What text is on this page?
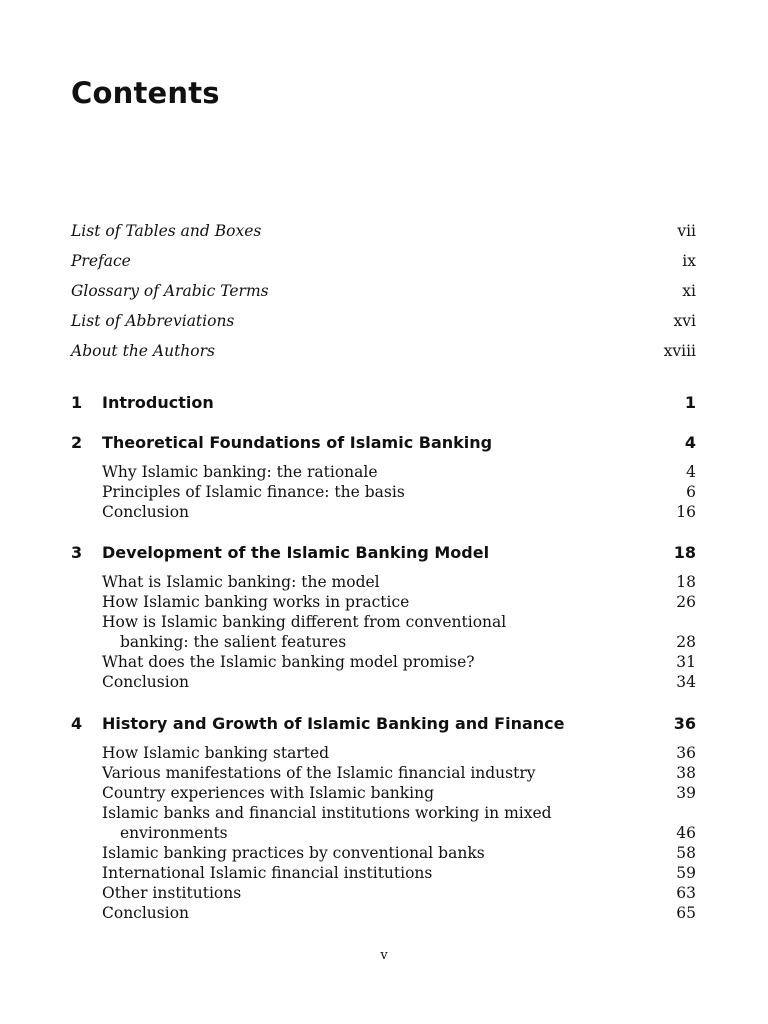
Contents
List of Tables and Boxes	vii
Preface	ix
Glossary of Arabic Terms	xi
List of Abbreviations	xvi
About the Authors	xviii
1	Introduction	1
2	Theoretical Foundations of Islamic Banking	4
Why Islamic banking: the rationale	4
Principles of Islamic finance: the basis	6
Conclusion	16
3	Development of the Islamic Banking Model	18
What is Islamic banking: the model	18
How Islamic banking works in practice	26
How is Islamic banking different from conventional
banking: the salient features	28
What does the Islamic banking model promise?	31
Conclusion	34
4	History and Growth of Islamic Banking and Finance	36
How Islamic banking started	36
Various manifestations of the Islamic financial industry	38
Country experiences with Islamic banking	39
Islamic banks and financial institutions working in mixed
environments	46
Islamic banking practices by conventional banks	58
International Islamic financial institutions	59
Other institutions	63
Conclusion	65
v
